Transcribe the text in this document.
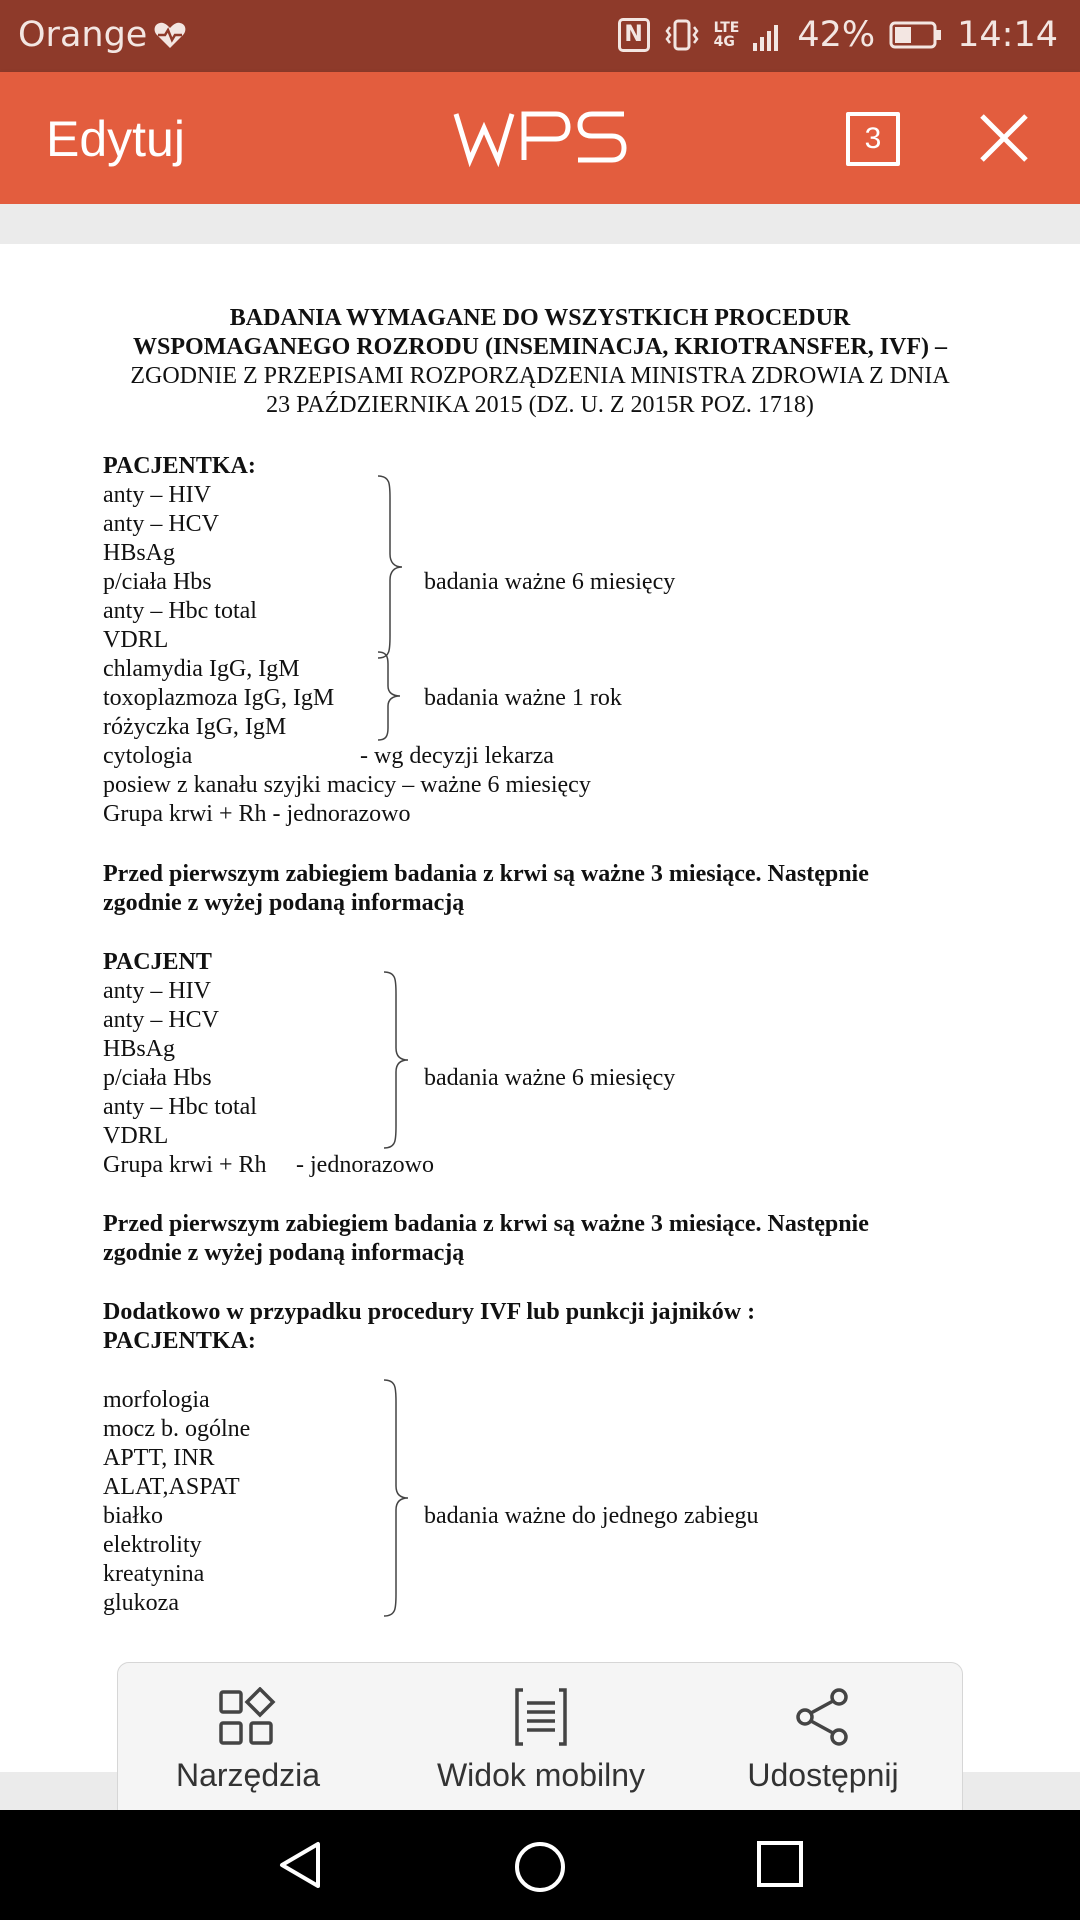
Orange	N	LTE
4G 42% 14:14
Edytuj	3
BADANIA WYMAGANE DO WSZYSTKICH PROCEDUR
WSPOMAGANEGO ROZRODU (INSEMINACJA, KRIOTRANSFER, IVF) –
ZGODNIE Z PRZEPISAMI ROZPORZĄDZENIA MINISTRA ZDROWIA Z DNIA
23 PAŹDZIERNIKA 2015 (DZ. U. Z 2015R POZ. 1718)
PACJENTKA:
anty – HIV
anty – HCV
HBsAg
p/ciała Hbs
anty – Hbc total
VDRL
chlamydia IgG, IgM
toxoplazmoza IgG, IgM
różyczka IgG, IgM
badania ważne 6 miesięcy
badania ważne 1 rok
cytologia	- wg decyzji lekarza
posiew z kanału szyjki macicy – ważne 6 miesięcy
Grupa krwi + Rh - jednorazowo
Przed pierwszym zabiegiem badania z krwi są ważne 3 miesiące. Następnie
zgodnie z wyżej podaną informacją
PACJENT
anty – HIV
anty – HCV
HBsAg
p/ciała Hbs
anty – Hbc total
VDRL
badania ważne 6 miesięcy
Grupa krwi + Rh - jednorazowo
Przed pierwszym zabiegiem badania z krwi są ważne 3 miesiące. Następnie
zgodnie z wyżej podaną informacją
Dodatkowo w przypadku procedury IVF lub punkcji jajników :
PACJENTKA:
morfologia
mocz b. ogólne
APTT, INR
ALAT,ASPAT
białko
elektrolity
kreatynina
glukoza
badania ważne do jednego zabiegu
Narzędzia	Widok mobilny	Udostępnij
